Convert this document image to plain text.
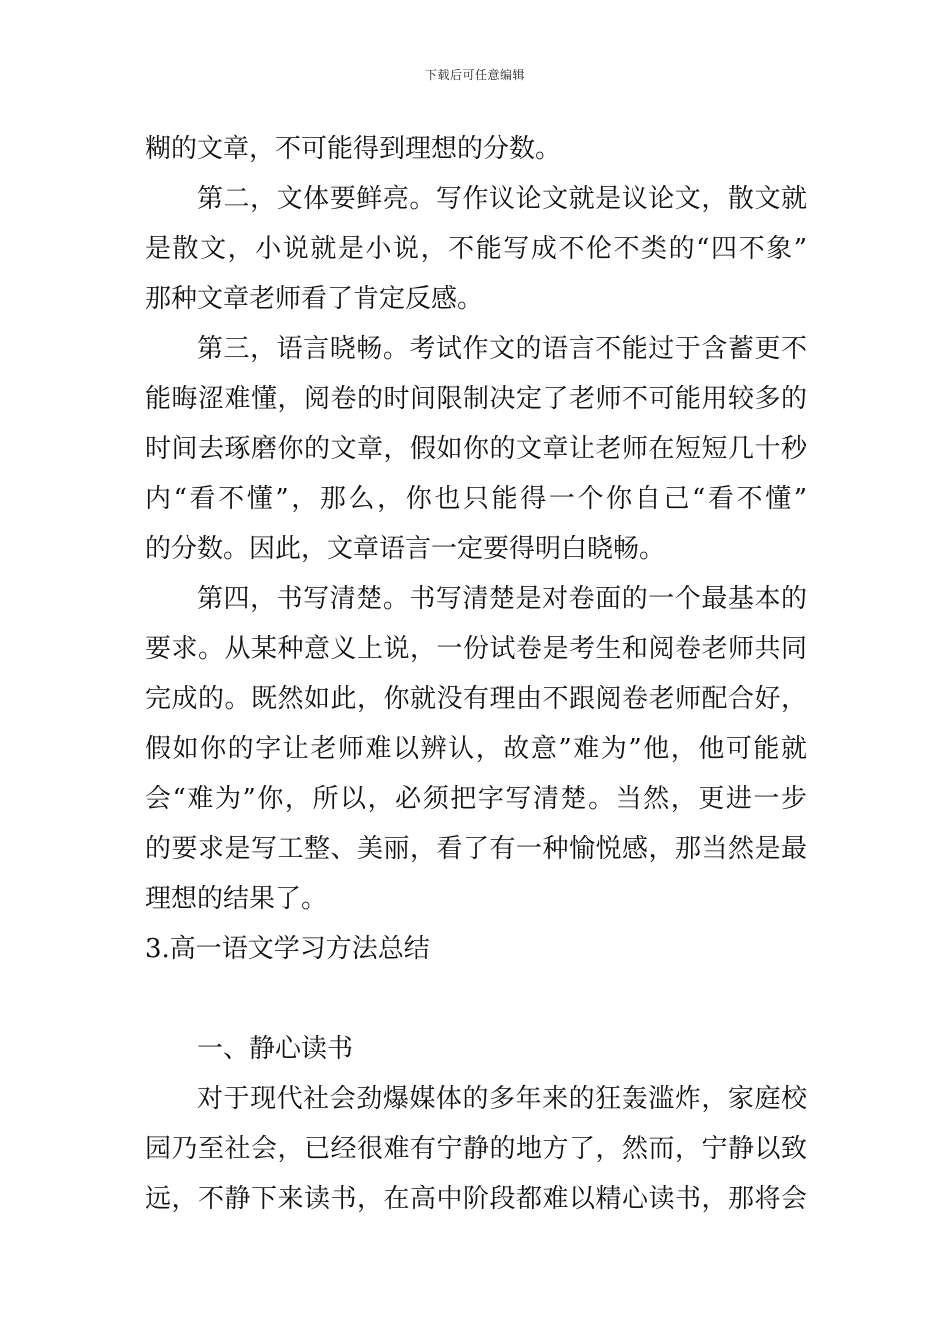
下载后可任意编辑
糊的文章，不可能得到理想的分数。
第二，文体要鲜亮。写作议论文就是议论文，散文就
是散文，小说就是小说，不能写成不伦不类的“四不象”
那种文章老师看了肯定反感。
第三，语言晓畅。考试作文的语言不能过于含蓄更不
能晦涩难懂，阅卷的时间限制决定了老师不可能用较多的
时间去琢磨你的文章，假如你的文章让老师在短短几十秒
内“看不懂”，那么，你也只能得一个你自己“看不懂”
的分数。因此，文章语言一定要得明白晓畅。
第四，书写清楚。书写清楚是对卷面的一个最基本的
要求。从某种意义上说，一份试卷是考生和阅卷老师共同
完成的。既然如此，你就没有理由不跟阅卷老师配合好，
假如你的字让老师难以辨认，故意”难为”他，他可能就
会“难为”你，所以，必须把字写清楚。当然，更进一步
的要求是写工整、美丽，看了有一种愉悦感，那当然是最
理想的结果了。
3.高一语文学习方法总结
一、静心读书
对于现代社会劲爆媒体的多年来的狂轰滥炸，家庭校
园乃至社会，已经很难有宁静的地方了，然而，宁静以致
远，不静下来读书，在高中阶段都难以精心读书，那将会
